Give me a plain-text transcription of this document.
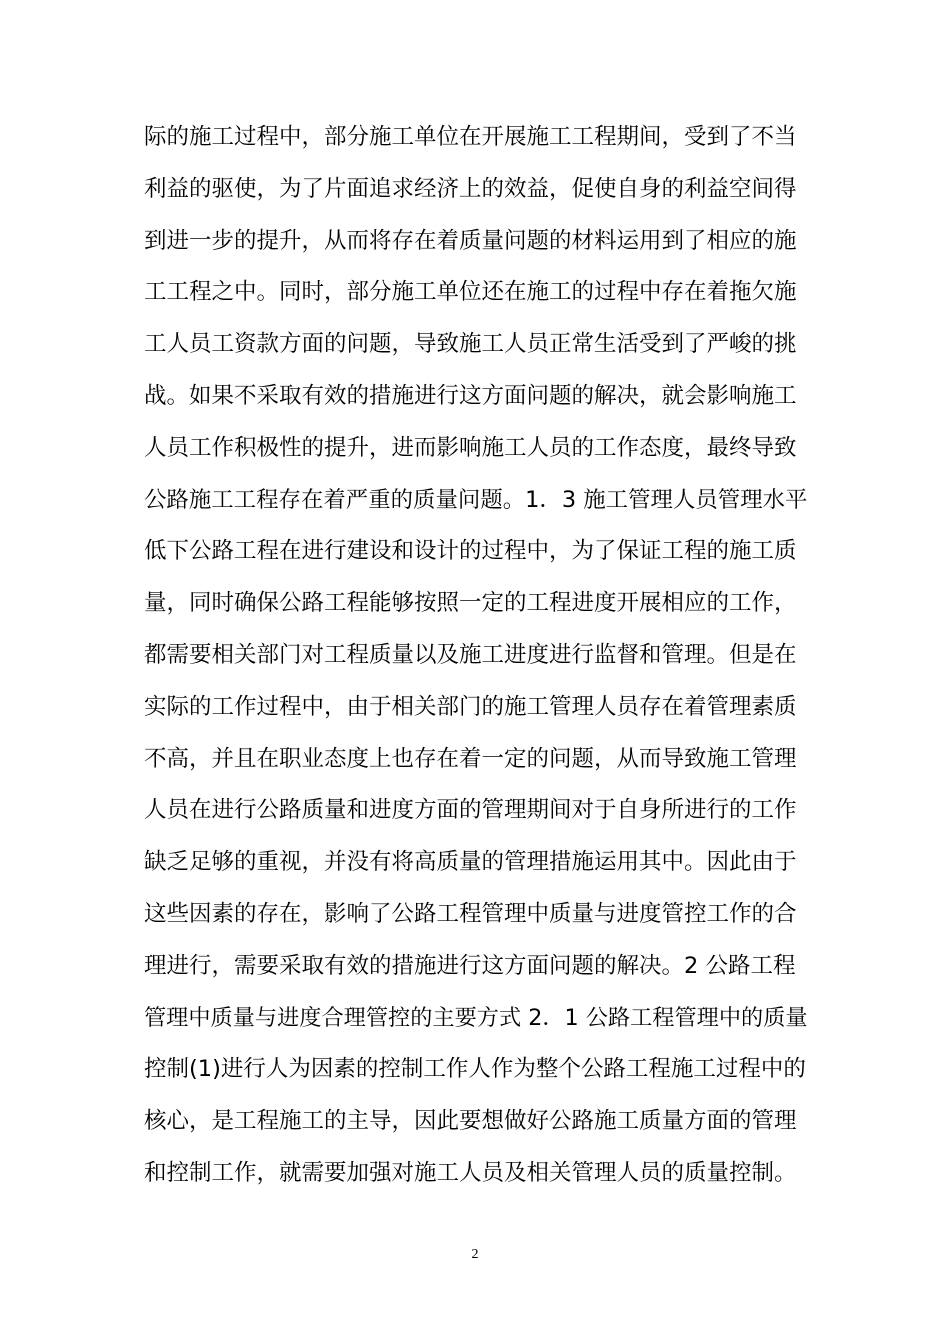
际的施工过程中，部分施工单位在开展施工工程期间，受到了不当
利益的驱使，为了片面追求经济上的效益，促使自身的利益空间得
到进一步的提升，从而将存在着质量问题的材料运用到了相应的施
工工程之中。同时，部分施工单位还在施工的过程中存在着拖欠施
工人员工资款方面的问题，导致施工人员正常生活受到了严峻的挑
战。如果不采取有效的措施进行这方面问题的解决，就会影响施工
人员工作积极性的提升，进而影响施工人员的工作态度，最终导致
公路施工工程存在着严重的质量问题。1．3 施工管理人员管理水平
低下公路工程在进行建设和设计的过程中，为了保证工程的施工质
量，同时确保公路工程能够按照一定的工程进度开展相应的工作，
都需要相关部门对工程质量以及施工进度进行监督和管理。但是在
实际的工作过程中，由于相关部门的施工管理人员存在着管理素质
不高，并且在职业态度上也存在着一定的问题，从而导致施工管理
人员在进行公路质量和进度方面的管理期间对于自身所进行的工作
缺乏足够的重视，并没有将高质量的管理措施运用其中。因此由于
这些因素的存在，影响了公路工程管理中质量与进度管控工作的合
理进行，需要采取有效的措施进行这方面问题的解决。2 公路工程
管理中质量与进度合理管控的主要方式 2．1 公路工程管理中的质量
控制(1)进行人为因素的控制工作人作为整个公路工程施工过程中的
核心，是工程施工的主导，因此要想做好公路施工质量方面的管理
和控制工作，就需要加强对施工人员及相关管理人员的质量控制。
2
